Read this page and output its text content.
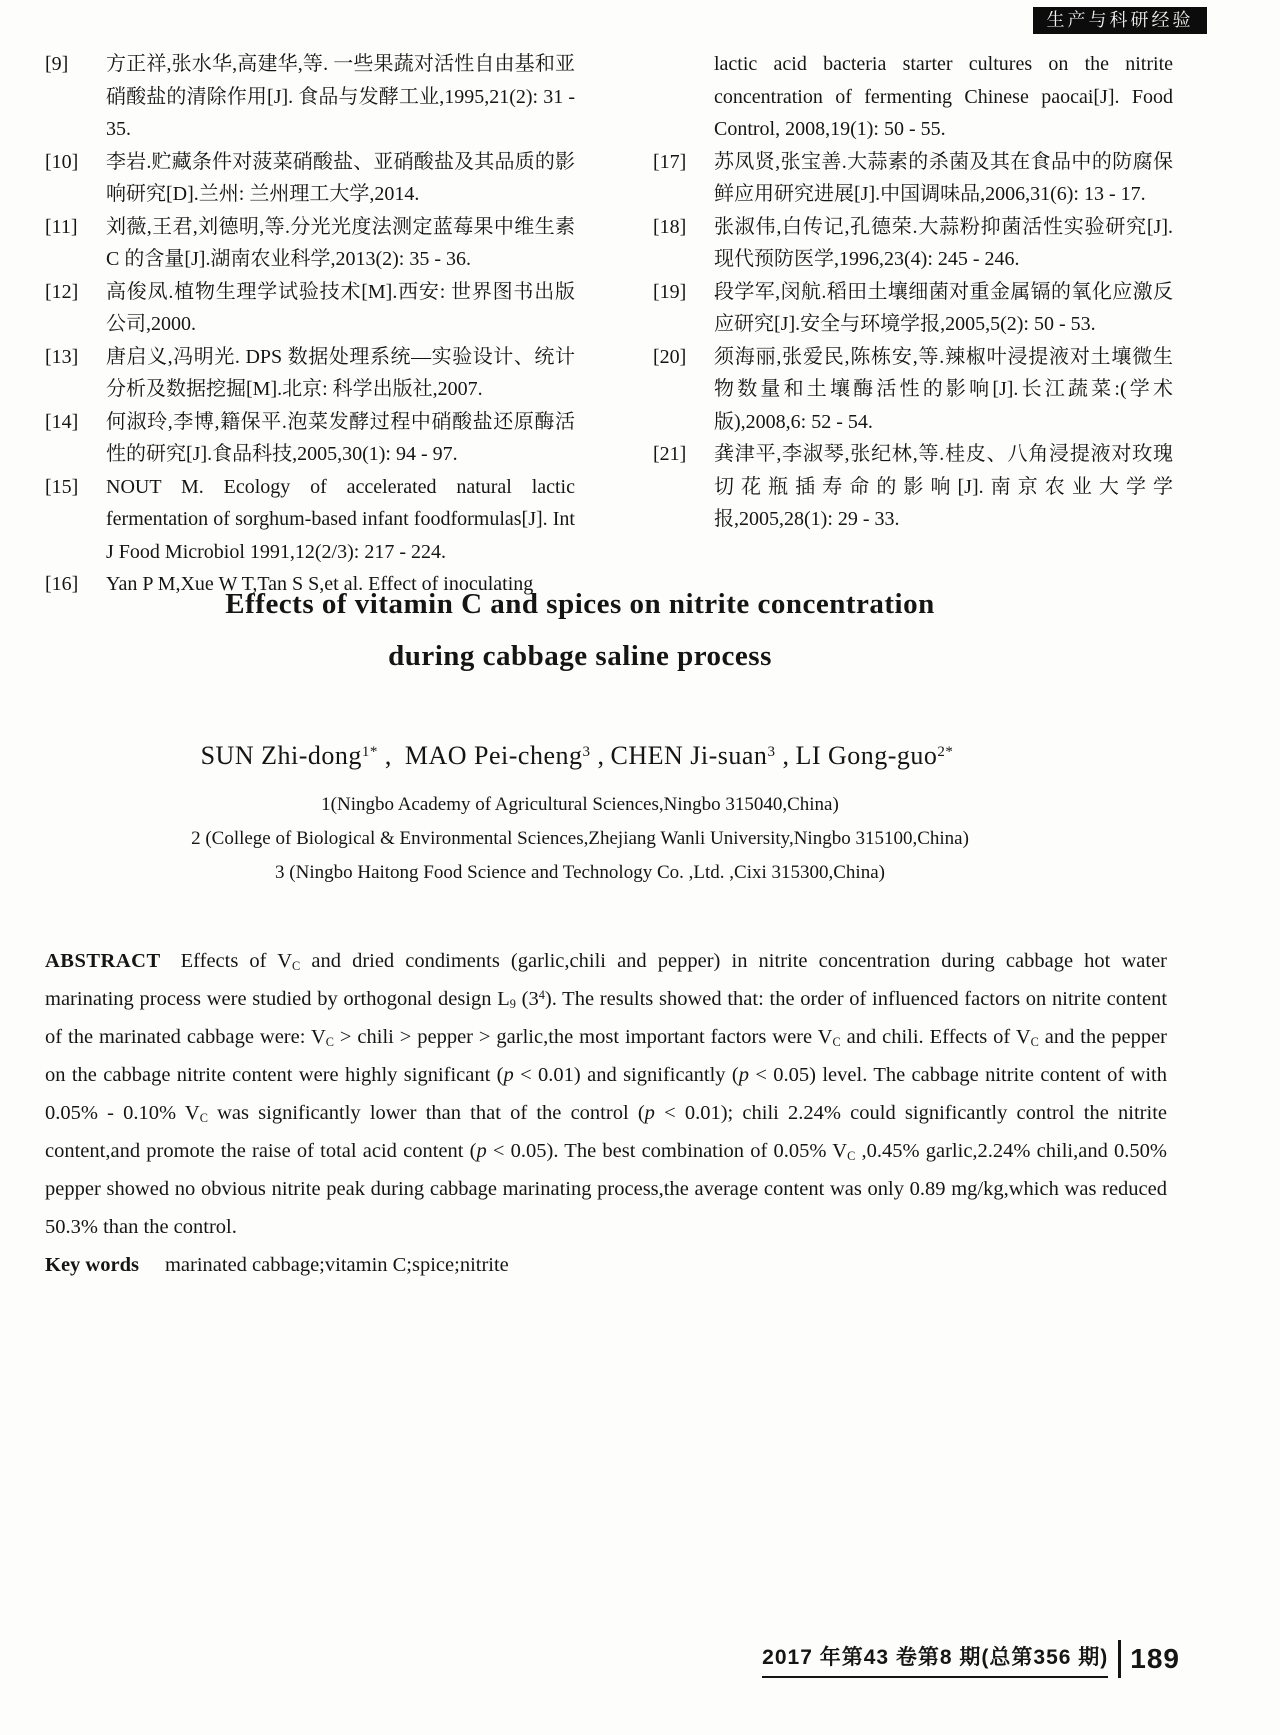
生产与科研经验
[9] 方正祥,张水华,高建华,等. 一些果蔬对活性自由基和亚硝酸盐的清除作用[J]. 食品与发酵工业,1995,21(2): 31 - 35.
[10] 李岩.贮藏条件对菠菜硝酸盐、亚硝酸盐及其品质的影响研究[D].兰州: 兰州理工大学,2014.
[11] 刘薇,王君,刘德明,等.分光光度法测定蓝莓果中维生素 C 的含量[J].湖南农业科学,2013(2): 35 - 36.
[12] 高俊凤.植物生理学试验技术[M].西安: 世界图书出版公司,2000.
[13] 唐启义,冯明光. DPS 数据处理系统—实验设计、统计分析及数据挖掘[M].北京: 科学出版社,2007.
[14] 何淑玲,李博,籍保平.泡菜发酵过程中硝酸盐还原酶活性的研究[J].食品科技,2005,30(1): 94 - 97.
[15] NOUT M. Ecology of accelerated natural lactic fermentation of sorghum-based infant foodformulas[J]. Int J Food Microbiol 1991,12(2/3): 217 - 224.
[16] Yan P M,Xue W T,Tan S S,et al. Effect of inoculating
lactic acid bacteria starter cultures on the nitrite concentration of fermenting Chinese paocai[J]. Food Control, 2008,19(1): 50 - 55.
[17] 苏凤贤,张宝善.大蒜素的杀菌及其在食品中的防腐保鲜应用研究进展[J].中国调味品,2006,31(6): 13 - 17.
[18] 张淑伟,白传记,孔德荣.大蒜粉抑菌活性实验研究[J].现代预防医学,1996,23(4): 245 - 246.
[19] 段学军,闵航.稻田土壤细菌对重金属镉的氧化应激反应研究[J].安全与环境学报,2005,5(2): 50 - 53.
[20] 须海丽,张爱民,陈栋安,等.辣椒叶浸提液对土壤微生物数量和土壤酶活性的影响[J].长江蔬菜:(学术版),2008,6: 52 - 54.
[21] 龚津平,李淑琴,张纪林,等.桂皮、八角浸提液对玫瑰切花瓶插寿命的影响[J].南京农业大学学报,2005,28(1): 29 - 33.
Effects of vitamin C and spices on nitrite concentration
during cabbage saline process
SUN Zhi-dong$^{1*}$ , MAO Pei-cheng$^3$ , CHEN Ji-suan$^3$ , LI Gong-guo$^{2*}$
1(Ningbo Academy of Agricultural Sciences,Ningbo 315040,China)
2 (College of Biological & Environmental Sciences,Zhejiang Wanli University,Ningbo 315100,China)
3 (Ningbo Haitong Food Science and Technology Co. ,Ltd. ,Cixi 315300,China)

ABSTRACT Effects of $V_C$ and dried condiments (garlic,chili and pepper) in nitrite concentration during cabbage hot water marinating process were studied by orthogonal design $L_9$ $(3^4)$. The results showed that: the order of influenced factors on nitrite content of the marinated cabbage were: $V_C$ > chili > pepper > garlic,the most important factors were $V_C$ and chili. Effects of $V_C$ and the pepper on the cabbage nitrite content were highly significant (p < 0.01) and significantly (p < 0.05) level. The cabbage nitrite content of with 0.05% - 0.10% $V_C$ was significantly lower than that of the control (p < 0.01); chili 2.24% could significantly control the nitrite content,and promote the raise of total acid content (p < 0.05). The best combination of 0.05% $V_C$ ,0.45% garlic,2.24% chili,and 0.50% pepper showed no obvious nitrite peak during cabbage marinating process,the average content was only 0.89 mg/kg,which was reduced 50.3% than the control.
Key words marinated cabbage;vitamin C;spice;nitrite

2017 年第43 卷第8 期(总第356 期) 189
